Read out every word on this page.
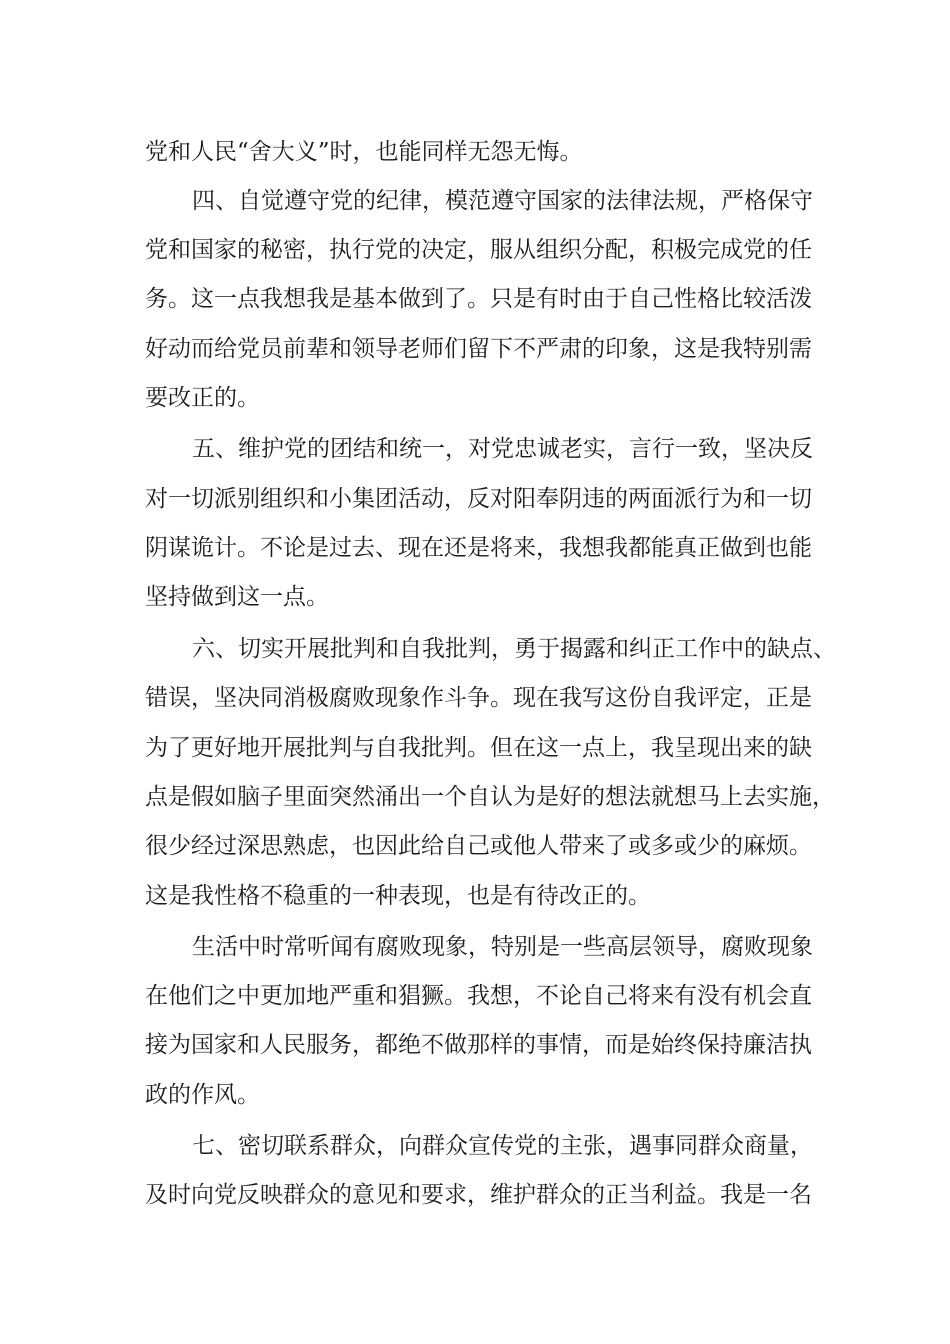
党和人民“舍大义”时，也能同样无怨无悔。
四、自觉遵守党的纪律，模范遵守国家的法律法规，严格保守
党和国家的秘密，执行党的决定，服从组织分配，积极完成党的任
务。这一点我想我是基本做到了。只是有时由于自己性格比较活泼
好动而给党员前辈和领导老师们留下不严肃的印象，这是我特别需
要改正的。
五、维护党的团结和统一，对党忠诚老实，言行一致，坚决反
对一切派别组织和小集团活动，反对阳奉阴违的两面派行为和一切
阴谋诡计。不论是过去、现在还是将来，我想我都能真正做到也能
坚持做到这一点。
六、切实开展批判和自我批判，勇于揭露和纠正工作中的缺点、
错误，坚决同消极腐败现象作斗争。现在我写这份自我评定，正是
为了更好地开展批判与自我批判。但在这一点上，我呈现出来的缺
点是假如脑子里面突然涌出一个自认为是好的想法就想马上去实施，
很少经过深思熟虑，也因此给自己或他人带来了或多或少的麻烦。
这是我性格不稳重的一种表现，也是有待改正的。
生活中时常听闻有腐败现象，特别是一些高层领导，腐败现象
在他们之中更加地严重和猖獗。我想，不论自己将来有没有机会直
接为国家和人民服务，都绝不做那样的事情，而是始终保持廉洁执
政的作风。
七、密切联系群众，向群众宣传党的主张，遇事同群众商量，
及时向党反映群众的意见和要求，维护群众的正当利益。我是一名
